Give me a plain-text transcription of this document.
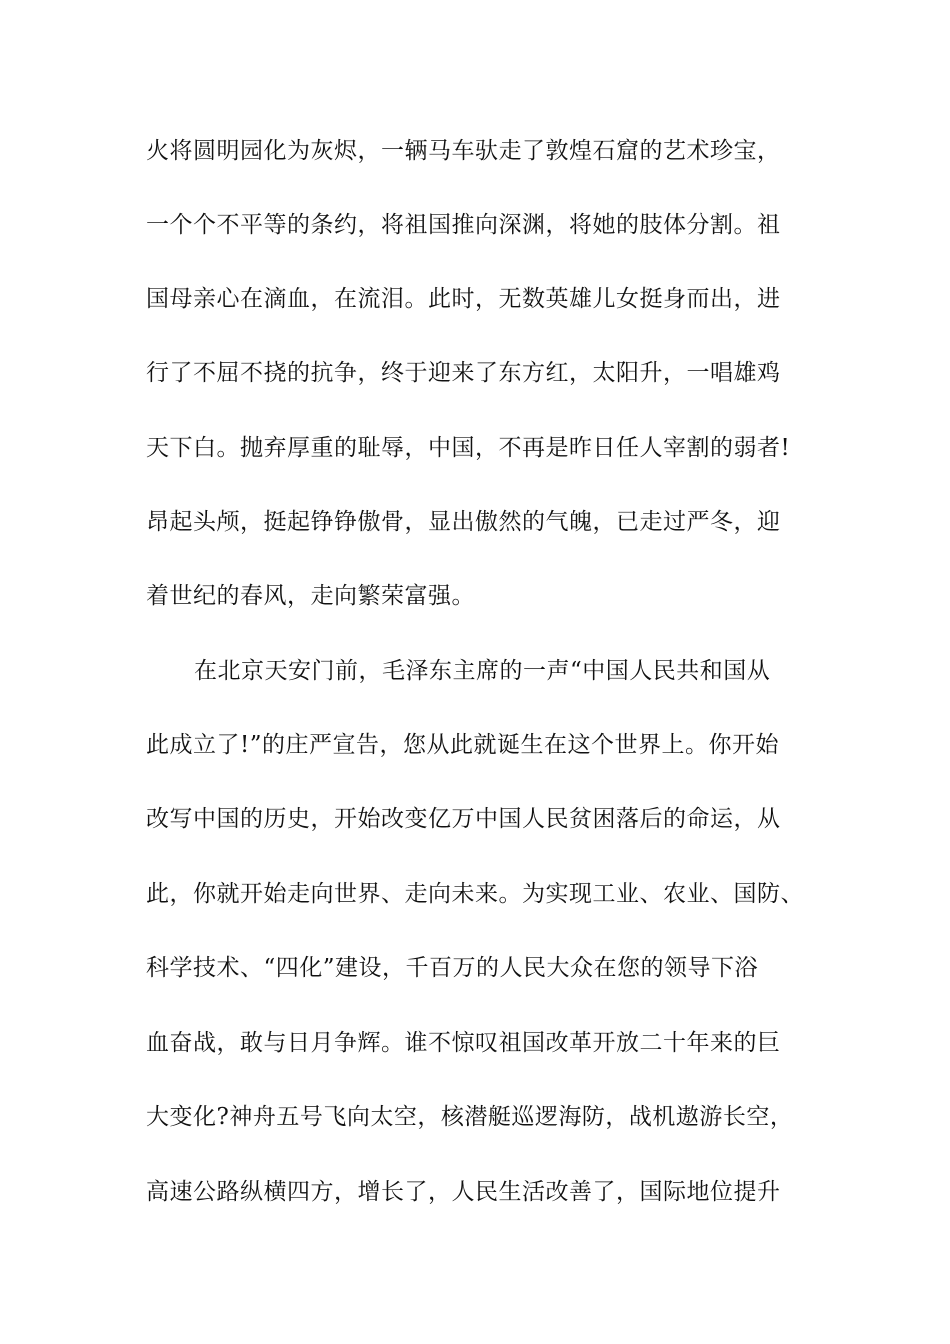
火将圆明园化为灰烬，一辆马车驮走了敦煌石窟的艺术珍宝，
一个个不平等的条约，将祖国推向深渊，将她的肢体分割。祖
国母亲心在滴血，在流泪。此时，无数英雄儿女挺身而出，进
行了不屈不挠的抗争，终于迎来了东方红，太阳升，一唱雄鸡
天下白。抛弃厚重的耻辱，中国，不再是昨日任人宰割的弱者!
昂起头颅，挺起铮铮傲骨，显出傲然的气魄，已走过严冬，迎
着世纪的春风，走向繁荣富强。
在北京天安门前，毛泽东主席的一声“中国人民共和国从
此成立了!”的庄严宣告，您从此就诞生在这个世界上。你开始
改写中国的历史，开始改变亿万中国人民贫困落后的命运，从
此，你就开始走向世界、走向未来。为实现工业、农业、国防、
科学技术、“四化”建设，千百万的人民大众在您的领导下浴
血奋战，敢与日月争辉。谁不惊叹祖国改革开放二十年来的巨
大变化?神舟五号飞向太空，核潜艇巡逻海防，战机遨游长空，
高速公路纵横四方，增长了，人民生活改善了，国际地位提升
